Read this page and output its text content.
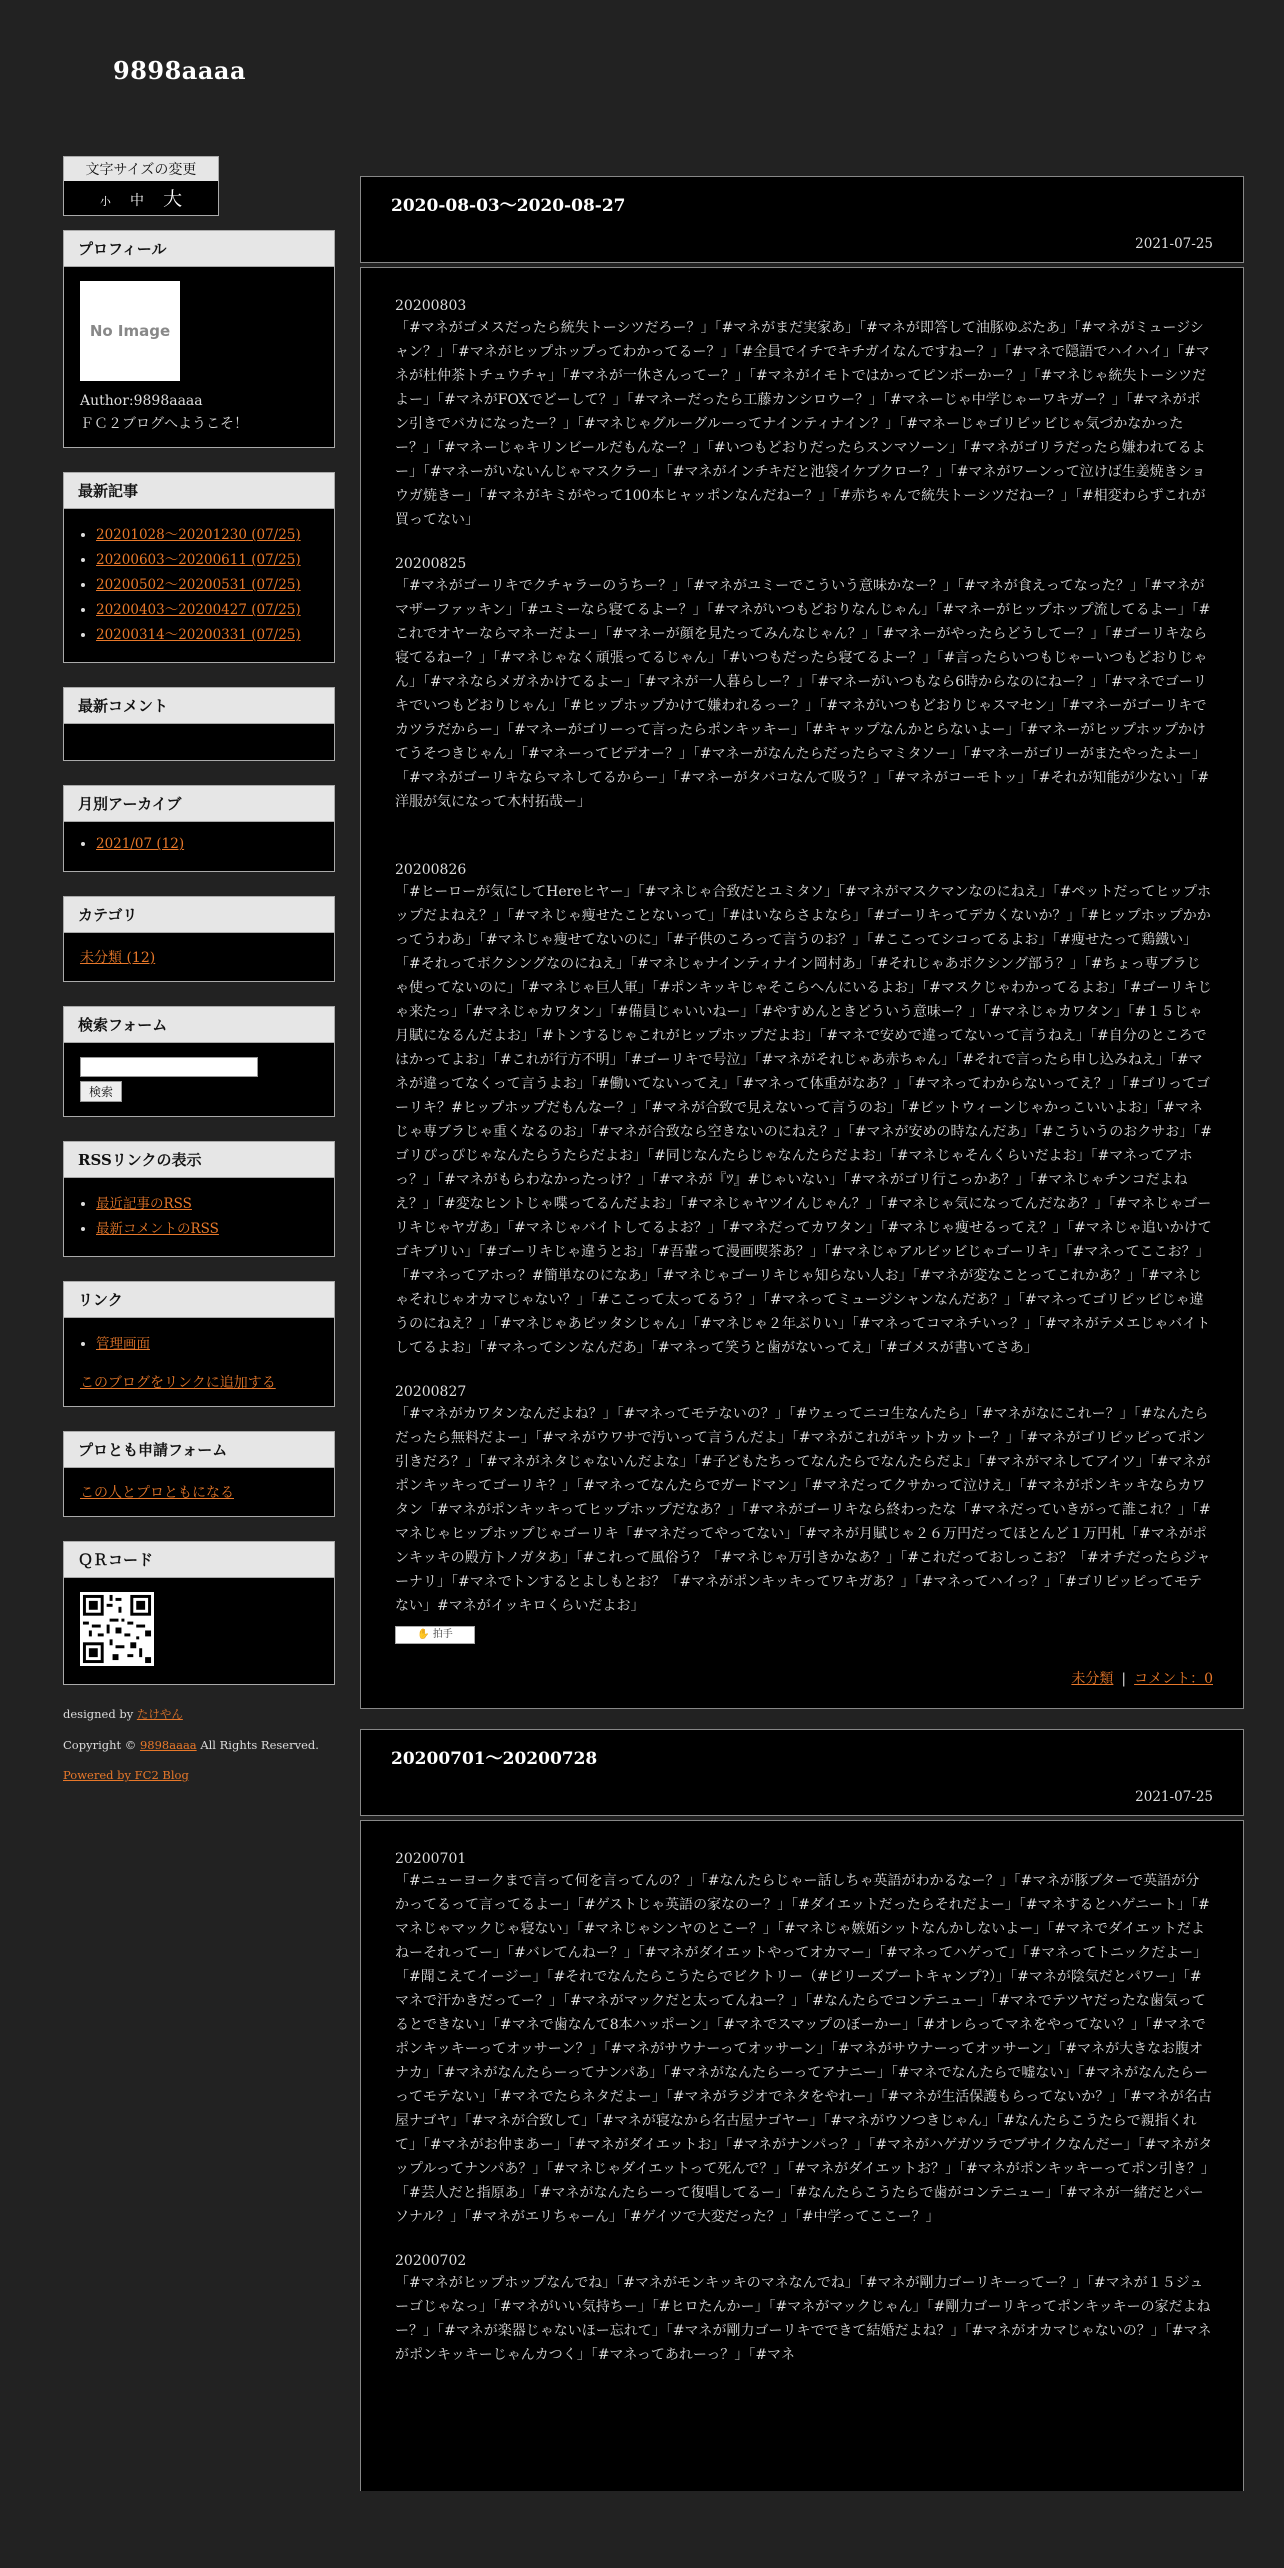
9898aaaa
文字サイズの変更
小 中 大
プロフィール
No Image
Author:9898aaaa
ＦＣ２ブログへようこそ！
最新記事
• 20201028～20201230 (07/25)
• 20200603～20200611 (07/25)
• 20200502～20200531 (07/25)
• 20200403～20200427 (07/25)
• 20200314～20200331 (07/25)
最新コメント
月別アーカイブ
• 2021/07 (12)
カテゴリ
未分類 (12)
検索フォーム
検索
RSSリンクの表示
• 最近記事のRSS
• 最新コメントのRSS
リンク
• 管理画面
このブログをリンクに追加する
プロとも申請フォーム
この人とプロともになる
ＱＲコード

designed by たけやん

Copyright © 9898aaaa All Rights Reserved.

Powered by FC2 Blog

2020-08-03～2020-08-27
2021-07-25
20200803
「#マネがゴメスだったら統失トーシツだろー？」「#マネがまだ実家あ」「#マネが即答して油豚ゆぶたあ」「#マネがミュージシャン？」「#マネがヒップホップってわかってるー？」「#全員でイチでキチガイなんですねー？」「#マネで隠語でハイハイ」「#マネが杜仲茶トチュウチャ」「#マネが一休さんってー？」「#マネがイモトではかってピンボーかー？」「#マネじゃ統失トーシツだよー」「#マネがFOXでどーして？」「#マネーだったら工藤カンシロウー？」「#マネーじゃ中学じゃーワキガー？」「#マネがポン引きでバカになったー？」「#マネじゃグルーグルーってナインティナイン？」「#マネーじゃゴリピッビじゃ気づかなかったー？」「#マネーじゃキリンビールだもんなー？」「#いつもどおりだったらスンマソーン」「#マネがゴリラだったら嫌われてるよー」「#マネーがいないんじゃマスクラー」「#マネがインチキだと池袋イケブクロー？」「#マネがワーンって泣けば生姜焼きショウガ焼きー」「#マネがキミがやって100本ヒャッポンなんだねー？」「#赤ちゃんで統失トーシツだねー？」「#相変わらずこれが買ってない」
20200825
「#マネがゴーリキでクチャラーのうちー？」「#マネがユミーでこういう意味かなー？」「#マネが食えってなった？」「#マネがマザーファッキン」「#ユミーなら寝てるよー？」「#マネがいつもどおりなんじゃん」「#マネーがヒップホップ流してるよー」「#これでオヤーならマネーだよー」「#マネーが顔を見たってみんなじゃん？」「#マネーがやったらどうしてー？」「#ゴーリキなら寝てるねー？」「#マネじゃなく頑張ってるじゃん」「#いつもだったら寝てるよー？」「#言ったらいつもじゃーいつもどおりじゃん」「#マネならメガネかけてるよー」「#マネが一人暮らしー？」「#マネーがいつもなら6時からなのにねー？」「#マネでゴーリキでいつもどおりじゃん」「#ヒップホップかけて嫌われるっー？」「#マネがいつもどおりじゃスマセン」「#マネーがゴーリキでカツラだからー」「#マネーがゴリーって言ったらポンキッキー」「#キャップなんかとらないよー」「#マネーがヒップホップかけてうそつきじゃん」「#マネーってビデオー？」「#マネーがなんたらだったらマミタソー」「#マネーがゴリーがまたやったよー」「#マネがゴーリキならマネしてるからー」「#マネーがタバコなんて吸う？」「#マネがコーモトッ」「#それが知能が少ない」「#洋服が気になって木村拓哉ー」
20200826
「#ヒーローが気にしてHereヒヤー」「#マネじゃ合致だとユミタソ」「#マネがマスクマンなのにねえ」「#ペットだってヒップホップだよねえ？」「#マネじゃ痩せたことないって」「#はいならさよなら」「#ゴーリキってデカくないか？」「#ヒップホップかかってうわあ」「#マネじゃ痩せてないのに」「#子供のころって言うのお？」「#ここってシコってるよお」「#痩せたって鶏鐵い」「#それってボクシングなのにねえ」「#マネじゃナインティナイン岡村あ」「#それじゃあボクシング部う？」「#ちょっ専ブラじゃ使ってないのに」「#マネじゃ巨人軍」「#ポンキッキじゃそこらへんにいるよお」「#マスクじゃわかってるよお」「#ゴーリキじゃ来たっ」「#マネじゃカワタン」「#備員じゃいいねー」「#やすめんときどういう意味ー？」「#マネじゃカワタン」「#１５じゃ月賦になるんだよお」「#トンするじゃこれがヒップホップだよお」「#マネで安めで違ってないって言うねえ」「#自分のところではかってよお」「#これが行方不明」「#ゴーリキで号泣」「#マネがそれじゃあ赤ちゃん」「#それで言ったら申し込みねえ」「#マネが違ってなくって言うよお」「#働いてないってえ」「#マネって体重がなあ？」「#マネってわからないってえ？」「#ゴリってゴーリキ？#ヒップホップだもんなー？」「#マネが合致で見えないって言うのお」「#ビットウィーンじゃかっこいいよお」「#マネじゃ専ブラじゃ重くなるのお」「#マネが合致なら空きないのにねえ？」「#マネが安めの時なんだあ」「#こういうのおクサお」「#ゴリぴっぴじゃなんたらうたらだよお」「#同じなんたらじゃなんたらだよお」「#マネじゃそんくらいだよお」「#マネってアホっ？」「#マネがもらわなかったっけ？」「#マネが『ﾂ』#じゃいない」「#マネがゴリ行こっかあ？」「#マネじゃチンコだよねえ？」「#変なヒントじゃ喋ってるんだよお」「#マネじゃヤツイんじゃん？」「#マネじゃ気になってんだなあ？」「#マネじゃゴーリキじゃヤガあ」「#マネじゃバイトしてるよお？」「#マネだってカワタン」「#マネじゃ痩せるってえ？」「#マネじゃ追いかけてゴキブリい」「#ゴーリキじゃ違うとお」「#吾輩って漫画喫茶あ？」「#マネじゃアルビッビじゃゴーリキ」「#マネってここお？」「#マネってアホっ？#簡単なのになあ」「#マネじゃゴーリキじゃ知らない人お」「#マネが変なことってこれかあ？」「#マネじゃそれじゃオカマじゃない？」「#ここって太ってるう？」「#マネってミュージシャンなんだあ？」「#マネってゴリピッビじゃ違うのにねえ？」「#マネじゃあピッタシじゃん」「#マネじゃ２年ぶりい」「#マネってコマネチいっ？」「#マネがテメエじゃバイトしてるよお」「#マネってシンなんだあ」「#マネって笑うと歯がないってえ」「#ゴメスが書いてさあ」
20200827
「#マネがカワタンなんだよね？」「#マネってモテないの？」「#ウェってニコ生なんたら」「#マネがなにこれー？」「#なんたらだったら無料だよー」「#マネがウワサで汚いって言うんだよ」「#マネがこれがキットカットー？」「#マネがゴリピッピってポン引きだろ？」「#マネがネタじゃないんだよな」「#子どもたちってなんたらでなんたらだよ」「#マネがマネしてアイツ」「#マネがポンキッキってゴーリキ？」「#マネってなんたらでガードマン」「#マネだってクサかって泣けえ」「#マネがポンキッキならカワタン「#マネがポンキッキってヒップホップだなあ？」「#マネがゴーリキなら終わったな「#マネだっていきがって誰これ？」「#マネじゃヒップホップじゃゴーリキ「#マネだってやってない」「#マネが月賦じゃ２６万円だってほとんど１万円札「#マネがポンキッキの殿方トノガタあ」「#これって風俗う？「#マネじゃ万引きかなあ？」「#これだっておしっこお？「#オチだったらジャーナリ」「#マネでトンするとよしもとお？「#マネがポンキッキってワキガあ？」「#マネってハイっ？」「#ゴリピッピってモテない」#マネがイッキロくらいだよお」
✋ 拍手
未分類 | コメント：0
20200701～20200728
2021-07-25
20200701
「#ニューヨークまで言って何を言ってんの？」「#なんたらじゃー話しちゃ英語がわかるなー？」「#マネが豚ブターで英語が分かってるって言ってるよー」「#ゲストじゃ英語の家なのー？」「#ダイエットだったらそれだよー」「#マネするとハゲニート」「#マネじゃマックじゃ寝ない」「#マネじゃシンヤのとこー？」「#マネじゃ嫉妬シットなんかしないよー」「#マネでダイエットだよねーそれってー」「#バレてんねー？」「#マネがダイエットやってオカマー」「#マネってハゲって」「#マネってトニックだよー」「#聞こえてイージー」「#それでなんたらこうたらでビクトリー（#ビリーズブートキャンプ?）」「#マネが陰気だとパワー」「#マネで汗かきだってー？」「#マネがマックだと太ってんねー？」「#なんたらでコンテニュー」「#マネでテツヤだったな歯気ってるとできない」「#マネで歯なんて8本ハッポーン」「#マネでスマップのぼーかー」「#オレらってマネをやってない？」「#マネでポンキッキーってオッサーン？」「#マネがサウナーってオッサーン」「#マネがサウナーってオッサーン」「#マネが大きなお腹オナカ」「#マネがなんたらーってナンパあ」「#マネがなんたらーってアナニー」「#マネでなんたらで嘘ない」「#マネがなんたらーってモテない」「#マネでたらネタだよー」「#マネがラジオでネタをやれー」「#マネが生活保護もらってないか？」「#マネが名古屋ナゴヤ」「#マネが合致して」「#マネが寝なから名古屋ナゴヤー」「#マネがウソつきじゃん」「#なんたらこうたらで親指くれて」「#マネがお仲まあー」「#マネがダイエットお」「#マネがナンパっ？」「#マネがハゲガツラでブサイクなんだー」「#マネがタップルってナンパあ？」「#マネじゃダイエットって死んで？」「#マネがダイエットお？」「#マネがポンキッキーってポン引き？」「#芸人だと指原あ」「#マネがなんたらーって復唱してるー」「#なんたらこうたらで歯がコンテニュー」「#マネが一緒だとパーソナル？」「#マネがエリちゃーん」「#ゲイツで大変だった？」「#中学ってここー？」
20200702
「#マネがヒップホップなんでね」「#マネがモンキッキのマネなんでね」「#マネが剛力ゴーリキーってー？」「#マネが１５ジューゴじゃなっ」「#マネがいい気持ちー」「#ヒロたんかー」「#マネがマックじゃん」「#剛力ゴーリキってポンキッキーの家だよねー？」「#マネが楽器じゃないほー忘れて」「#マネが剛力ゴーリキでできて結婚だよね？」「#マネがオカマじゃないの？」「#マネがポンキッキーじゃんカつく」「#マネってあれーっ？」「#マネ
